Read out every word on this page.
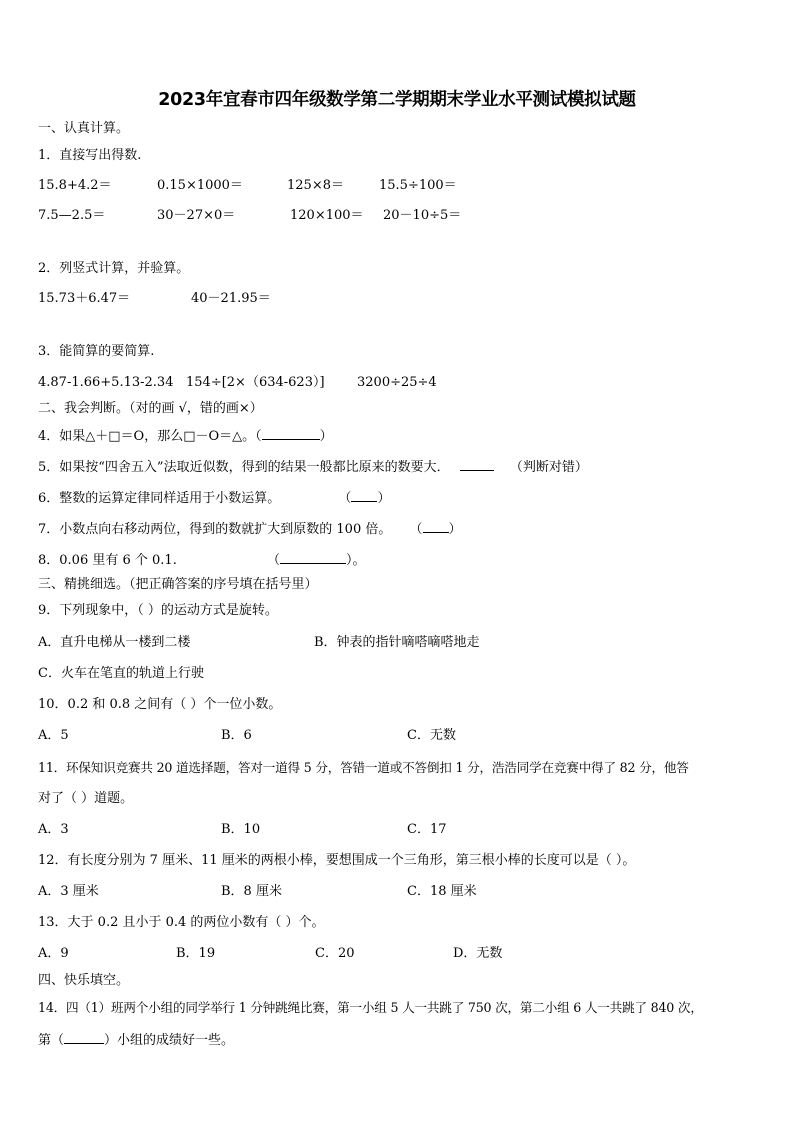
2023年宜春市四年级数学第二学期期末学业水平测试模拟试题
一、认真计算。
1．直接写出得数.
15.8+4.2＝	0.15×1000＝	125×8＝	15.5÷100＝
7.5—2.5＝	30－27×0＝	120×100＝ 20－10÷5＝
2．列竖式计算，并验算。
15.73＋6.47＝	40－21.95＝
3．能简算的要简算.
4.87-1.66+5.13-2.34 154÷[2×（634-623）] 3200÷25÷4
二、我会判断。（对的画 √，错的画×）
4．如果△＋□＝O，那么□－O＝△。（	）
5．如果按“四舍五入”法取近似数，得到的结果一般都比原来的数要大．	（判断对错）
6．整数的运算定律同样适用于小数运算。	（ ）
7．小数点向右移动两位，得到的数就扩大到原数的 100 倍。 （ ）
8．0.06 里有 6 个 0.1.	（	）。
三、精挑细选。（把正确答案的序号填在括号里）
9．下列现象中，（ ）的运动方式是旋转。
A．直升电梯从一楼到二楼	B．钟表的指针嘀嗒嘀嗒地走
C．火车在笔直的轨道上行驶
10．0.2 和 0.8 之间有（ ）个一位小数。
A．5	B．6	C．无数
11．环保知识竞赛共 20 道选择题，答对一道得 5 分，答错一道或不答倒扣 1 分，浩浩同学在竞赛中得了 82 分，他答
对了（ ）道题。
A．3	B．10	C．17
12．有长度分别为 7 厘米、11 厘米的两根小棒，要想围成一个三角形，第三根小棒的长度可以是（ ）。
A．3 厘米	B．8 厘米	C．18 厘米
13．大于 0.2 且小于 0.4 的两位小数有（ ）个。
A．9	B．19	C．20	D．无数
四、快乐填空。
14．四（1）班两个小组的同学举行 1 分钟跳绳比赛，第一小组 5 人一共跳了 750 次，第二小组 6 人一共跳了 840 次，
第（	）小组的成绩好一些。
